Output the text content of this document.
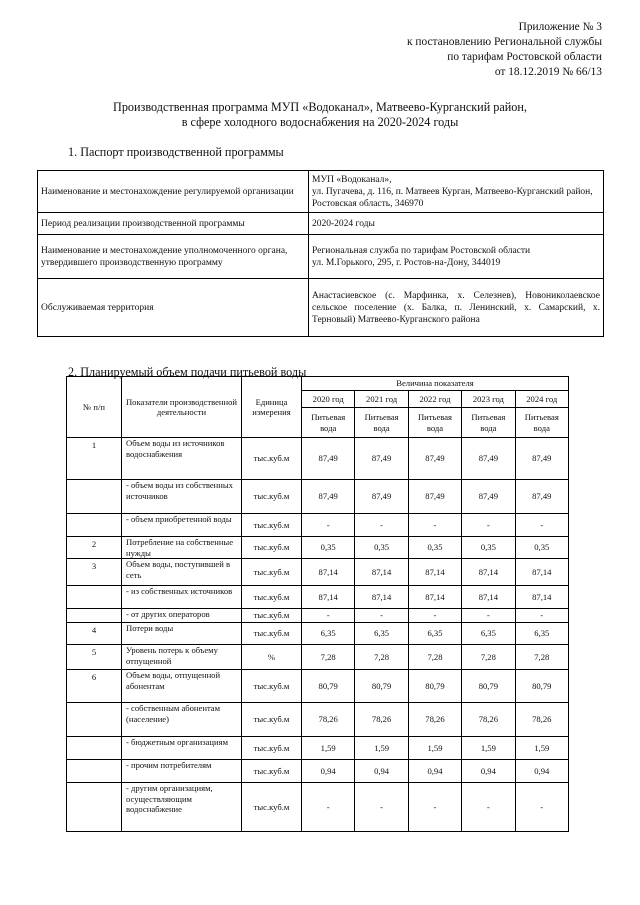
Приложение № 3
к постановлению Региональной службы
по тарифам Ростовской области
от 18.12.2019 № 66/13
Производственная программа МУП «Водоканал», Матвеево-Курганский район,
в сфере холодного водоснабжения на 2020-2024 годы
1. Паспорт производственной программы
Наименование и местонахождение регулируемой организации	МУП «Водоканал»,
ул. Пугачева, д. 116, п. Матвеев Курган, Матвеево-Курганский район, Ростовская область, 346970

Период реализации производственной программы	2020-2024 годы
Наименование и местонахождение уполномоченного органа, утвердившего производственную программу	Региональная служба по тарифам Ростовской области
ул. М.Горького, 295, г. Ростов-на-Дону, 344019

Обслуживаемая территория	Анастасиевское (с. Марфинка, х. Селезнев), Новониколаевское сельское поселение (х. Балка, п. Ленинский, х. Самарский, х. Терновый) Матвеево-Курганского района
2. Планируемый объем подачи питьевой воды
№ п/п	Показатели производственной деятельности	Единица измерения	Величина показателя				
			2020 год	2021 год	2022 год	2023 год	2024 год
			Питьевая вода	Питьевая вода	Питьевая вода	Питьевая вода	Питьевая вода
1	Объем воды из источников водоснабжения	тыс.куб.м	87,49	87,49	87,49	87,49	87,49
	- объем воды из собственных источников	тыс.куб.м	87,49	87,49	87,49	87,49	87,49
	- объем приобретенной воды	тыс.куб.м	-	-	-	-	-
2	Потребление на собственные нужды	тыс.куб.м	0,35	0,35	0,35	0,35	0,35
3	Объем воды, поступившей в сеть	тыс.куб.м	87,14	87,14	87,14	87,14	87,14
	- из собственных источников	тыс.куб.м	87,14	87,14	87,14	87,14	87,14
	- от других операторов	тыс.куб.м	-	-	-	-	-
4	Потери воды	тыс.куб.м	6,35	6,35	6,35	6,35	6,35
5	Уровень потерь к объему отпущенной	%	7,28	7,28	7,28	7,28	7,28
6	Объем воды, отпущенной абонентам	тыс.куб.м	80,79	80,79	80,79	80,79	80,79
	- собственным абонентам (население)	тыс.куб.м	78,26	78,26	78,26	78,26	78,26
	- бюджетным организациям	тыс.куб.м	1,59	1,59	1,59	1,59	1,59
	- прочим потребителям	тыс.куб.м	0,94	0,94	0,94	0,94	0,94
	- другим организациям, осуществляющим водоснабжение	тыс.куб.м	-	-	-	-	-
